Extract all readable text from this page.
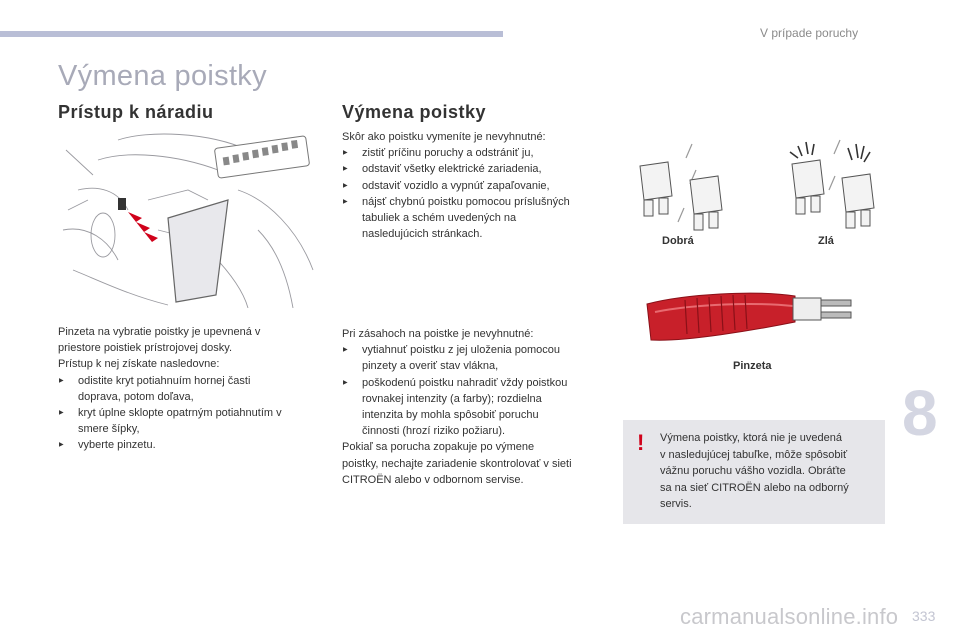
V prípade poruchy
Výmena poistky
Prístup k náradiu
Pinzeta na vybratie poistky je upevnená v
priestore poistiek prístrojovej dosky.
Prístup k nej získate nasledovne:
▶ odistite kryt potiahnuím hornej časti
doprava, potom doľava,
▶ kryt úplne sklopte opatrným potiahnutím v
smere šípky,
▶ vyberte pinzetu.
Výmena poistky
Skôr ako poistku vymeníte je nevyhnutné:
▶ zistiť príčinu poruchy a odstrániť ju,
▶ odstaviť všetky elektrické zariadenia,
▶ odstaviť vozidlo a vypnúť zapaľovanie,
▶ nájsť chybnú poistku pomocou príslušných
tabuliek a schém uvedených na
nasledujúcich stránkach.
Pri zásahoch na poistke je nevyhnutné:
▶ vytiahnuť poistku z jej uloženia pomocou
pinzety a overiť stav vlákna,
▶ poškodenú poistku nahradiť vždy poistkou
rovnakej intenzity (a farby); rozdielna
intenzita by mohla spôsobiť poruchu
činnosti (hrozí riziko požiaru).
Pokiaľ sa porucha zopakuje po výmene
poistky, nechajte zariadenie skontrolovať v sieti
CITROËN alebo v odbornom servise.
Dobrá	Zlá
Pinzeta
! Výmena poistky, ktorá nie je uvedená
v nasledujúcej tabuľke, môže spôsobiť
vážnu poruchu vášho vozidla. Obráťte
sa na sieť CITROËN alebo na odborný
servis.
8
carmanualsonline.info 333
